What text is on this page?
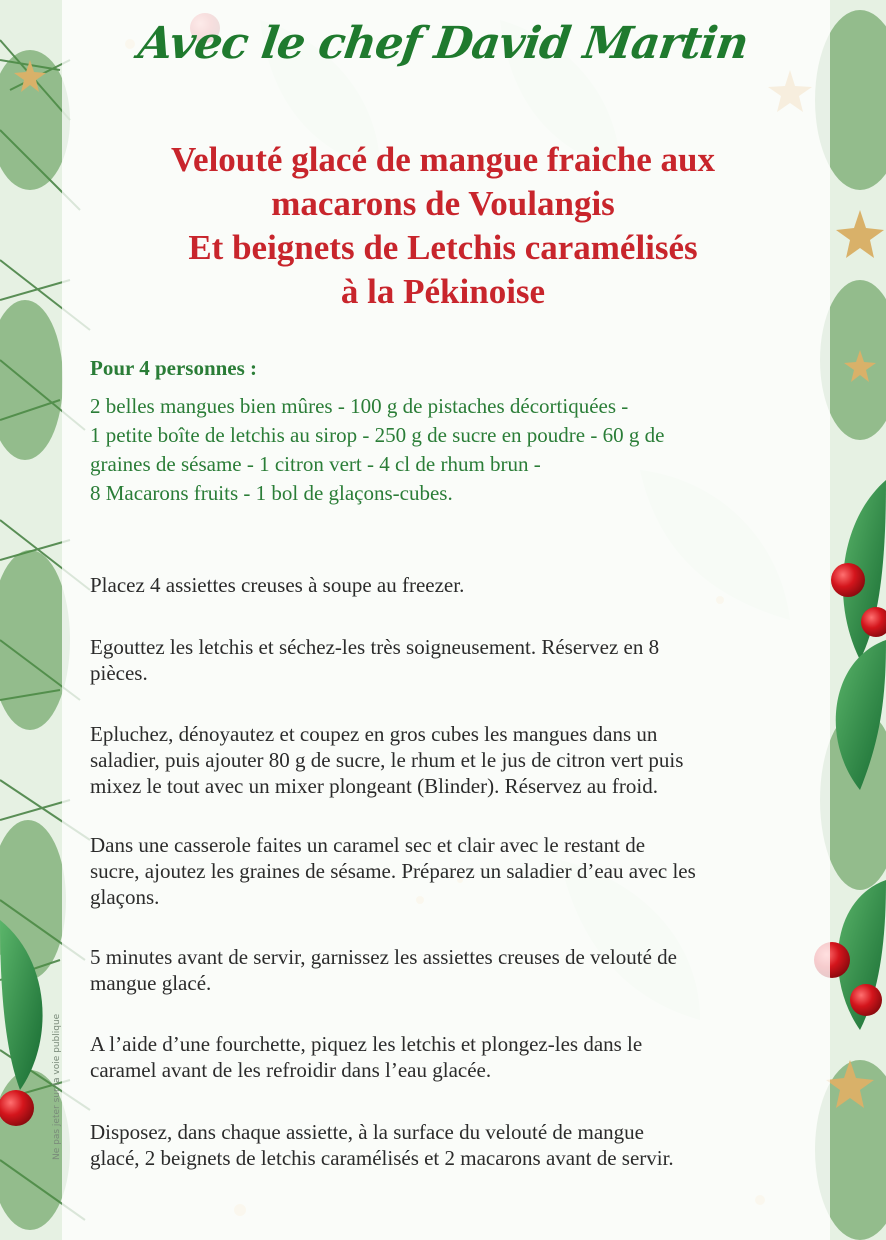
Avec le chef David Martin
Velouté glacé de mangue fraiche aux
macarons de Voulangis
Et beignets de Letchis caramélisés
à la Pékinoise
Pour 4 personnes :
2 belles mangues bien mûres - 100 g de pistaches décortiquées -
1 petite boîte de letchis au sirop - 250 g de sucre en poudre - 60 g de
graines de sésame - 1 citron vert - 4 cl de rhum brun -
8 Macarons fruits - 1 bol de glaçons-cubes.
Placez 4 assiettes creuses à soupe au freezer.
Egouttez les letchis et séchez-les très soigneusement. Réservez en 8
pièces.
Epluchez, dénoyautez et coupez en gros cubes les mangues dans un
saladier, puis ajouter 80 g de sucre, le rhum et le jus de citron vert puis
mixez le tout avec un mixer plongeant (Blinder). Réservez au froid.
Dans une casserole faites un caramel sec et clair avec le restant de
sucre, ajoutez les graines de sésame. Préparez un saladier d’eau avec les
glaçons.
5 minutes avant de servir, garnissez les assiettes creuses de velouté de
mangue glacé.
A l’aide d’une fourchette, piquez les letchis et plongez-les dans le
caramel avant de les refroidir dans l’eau glacée.
Disposez, dans chaque assiette, à la surface du velouté de mangue
glacé, 2 beignets de letchis caramélisés et 2 macarons avant de servir.
Ne pas jeter sur la voie publique
